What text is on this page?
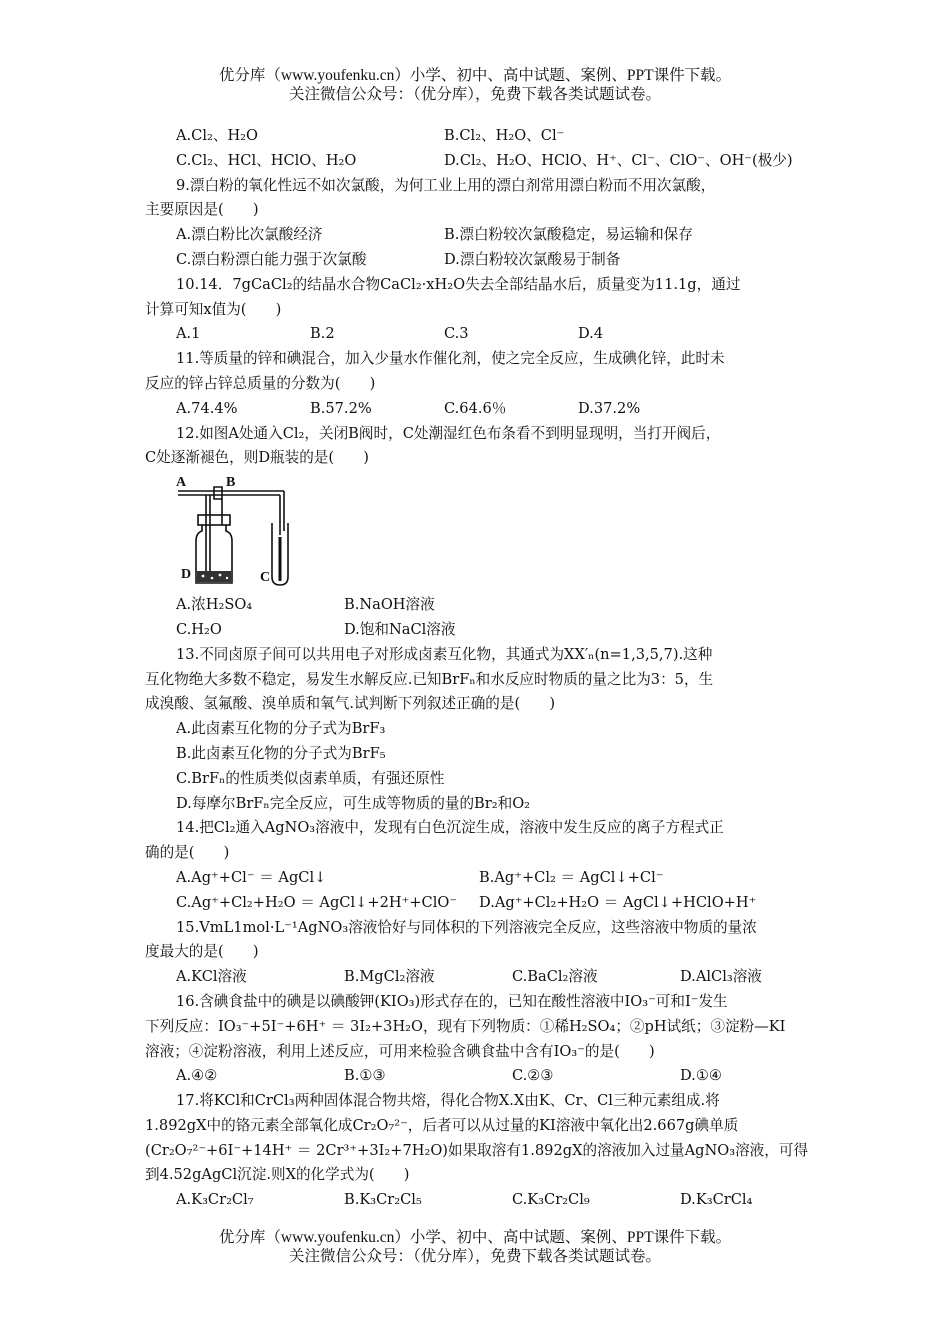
优分库（www.youfenku.cn）小学、初中、高中试题、案例、PPT课件下载。
关注微信公众号：（优分库），免费下载各类试题试卷。
A.Cl₂、H₂O	B.Cl₂、H₂O、Cl⁻
C.Cl₂、HCl、HClO、H₂O	D.Cl₂、H₂O、HClO、H⁺、Cl⁻、ClO⁻、OH⁻(极少)
9.漂白粉的氧化性远不如次氯酸，为何工业上用的漂白剂常用漂白粉而不用次氯酸，
主要原因是(　　)
A.漂白粉比次氯酸经济	B.漂白粉较次氯酸稳定，易运输和保存
C.漂白粉漂白能力强于次氯酸	D.漂白粉较次氯酸易于制备
10.14．7gCaCl₂的结晶水合物CaCl₂·xH₂O失去全部结晶水后，质量变为11.1g，通过
计算可知x值为(　　)
A.1	B.2	C.3	D.4
11.等质量的锌和碘混合，加入少量水作催化剂，使之完全反应，生成碘化锌，此时未
反应的锌占锌总质量的分数为(　　)
A.74.4%	B.57.2%	C.64.6％	D.37.2%
12.如图A处通入Cl₂，关闭B阀时，C处潮湿红色布条看不到明显现明，当打开阀后，
C处逐渐褪色，则D瓶装的是(　　)
A	B
D	C
A.浓H₂SO₄	B.NaOH溶液
C.H₂O	D.饱和NaCl溶液
13.不同卤原子间可以共用电子对形成卤素互化物，其通式为XX′ₙ(n=1,3,5,7).这种
互化物绝大多数不稳定，易发生水解反应.已知BrFₙ和水反应时物质的量之比为3：5，生
成溴酸、氢氟酸、溴单质和氧气.试判断下列叙述正确的是(　　)
A.此卤素互化物的分子式为BrF₃
B.此卤素互化物的分子式为BrF₅
C.BrFₙ的性质类似卤素单质，有强还原性
D.每摩尔BrFₙ完全反应，可生成等物质的量的Br₂和O₂
14.把Cl₂通入AgNO₃溶液中，发现有白色沉淀生成，溶液中发生反应的离子方程式正
确的是(　　)
A.Ag⁺+Cl⁻ ＝ AgCl↓	B.Ag⁺+Cl₂ ＝ AgCl↓+Cl⁻
C.Ag⁺+Cl₂+H₂O ＝ AgCl↓+2H⁺+ClO⁻	D.Ag⁺+Cl₂+H₂O ＝ AgCl↓+HClO+H⁺
15.VmL1mol·L⁻¹AgNO₃溶液恰好与同体积的下列溶液完全反应，这些溶液中物质的量浓
度最大的是(　　)
A.KCl溶液	B.MgCl₂溶液	C.BaCl₂溶液	D.AlCl₃溶液
16.含碘食盐中的碘是以碘酸钾(KIO₃)形式存在的，已知在酸性溶液中IO₃⁻可和I⁻发生
下列反应：IO₃⁻+5I⁻+6H⁺ ＝ 3I₂+3H₂O，现有下列物质：①稀H₂SO₄；②pH试纸；③淀粉—KI
溶液；④淀粉溶液，利用上述反应，可用来检验含碘食盐中含有IO₃⁻的是(　　)
A.④②	B.①③	C.②③	D.①④
17.将KCl和CrCl₃两种固体混合物共熔，得化合物X.X由K、Cr、Cl三种元素组成.将
1.892gX中的铬元素全部氧化成Cr₂O₇²⁻，后者可以从过量的KI溶液中氧化出2.667g碘单质
(Cr₂O₇²⁻+6I⁻+14H⁺ ＝ 2Cr³⁺+3I₂+7H₂O)如果取溶有1.892gX的溶液加入过量AgNO₃溶液，可得
到4.52gAgCl沉淀.则X的化学式为(　　)
A.K₃Cr₂Cl₇	B.K₃Cr₂Cl₅	C.K₃Cr₂Cl₉	D.K₃CrCl₄
优分库（www.youfenku.cn）小学、初中、高中试题、案例、PPT课件下载。
关注微信公众号：（优分库），免费下载各类试题试卷。
